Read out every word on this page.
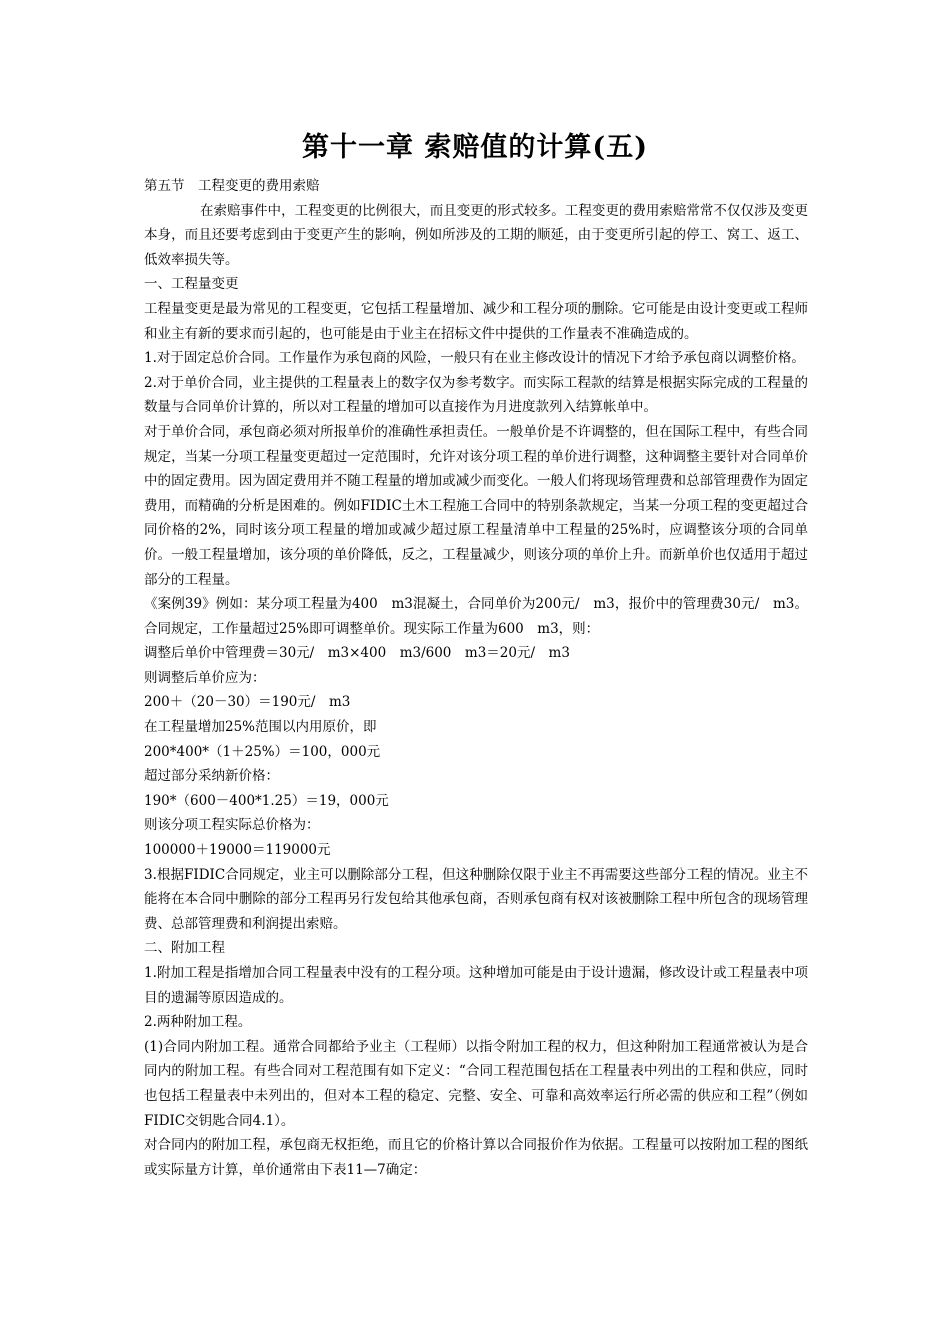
第十一章 索赔值的计算(五)

第五节　工程变更的费用索赔

在索赔事件中，工程变更的比例很大，而且变更的形式较多。工程变更的费用索赔常常不仅仅涉及变更本身，而且还要考虑到由于变更产生的影响，例如所涉及的工期的顺延，由于变更所引起的停工、窝工、返工、低效率损失等。

一、工程量变更

工程量变更是最为常见的工程变更，它包括工程量增加、减少和工程分项的删除。它可能是由设计变更或工程师和业主有新的要求而引起的，也可能是由于业主在招标文件中提供的工作量表不准确造成的。

1.对于固定总价合同。工作量作为承包商的风险，一般只有在业主修改设计的情况下才给予承包商以调整价格。

2.对于单价合同，业主提供的工程量表上的数字仅为参考数字。而实际工程款的结算是根据实际完成的工程量的数量与合同单价计算的，所以对工程量的增加可以直接作为月进度款列入结算帐单中。

对于单价合同，承包商必须对所报单价的准确性承担责任。一般单价是不许调整的，但在国际工程中，有些合同规定，当某一分项工程量变更超过一定范围时，允许对该分项工程的单价进行调整，这种调整主要针对合同单价中的固定费用。因为固定费用并不随工程量的增加或减少而变化。一般人们将现场管理费和总部管理费作为固定费用，而精确的分析是困难的。例如FIDIC土木工程施工合同中的特别条款规定，当某一分项工程的变更超过合同价格的2%，同时该分项工程量的增加或减少超过原工程量清单中工程量的25%时，应调整该分项的合同单价。一般工程量增加，该分项的单价降低，反之，工程量减少，则该分项的单价上升。而新单价也仅适用于超过部分的工程量。

《案例39》例如：某分项工程量为400　m3混凝土，合同单价为200元/　m3，报价中的管理费30元/　m3。合同规定，工作量超过25%即可调整单价。现实际工作量为600　m3，则：

调整后单价中管理费＝30元/　m3×400　m3/600　m3＝20元/　m3

则调整后单价应为：

200＋（20－30）＝190元/　m3

在工程量增加25%范围以内用原价，即

200*400*（1＋25%）＝100，000元

超过部分采纳新价格：

190*（600－400*1.25）＝19，000元

则该分项工程实际总价格为：

100000＋19000＝119000元

3.根据FIDIC合同规定，业主可以删除部分工程，但这种删除仅限于业主不再需要这些部分工程的情况。业主不能将在本合同中删除的部分工程再另行发包给其他承包商，否则承包商有权对该被删除工程中所包含的现场管理费、总部管理费和利润提出索赔。

二、附加工程

1.附加工程是指增加合同工程量表中没有的工程分项。这种增加可能是由于设计遗漏，修改设计或工程量表中项目的遗漏等原因造成的。

2.两种附加工程。

(1)合同内附加工程。通常合同都给予业主（工程师）以指令附加工程的权力，但这种附加工程通常被认为是合同内的附加工程。有些合同对工程范围有如下定义：“合同工程范围包括在工程量表中列出的工程和供应，同时也包括工程量表中未列出的，但对本工程的稳定、完整、安全、可靠和高效率运行所必需的供应和工程”（例如FIDIC交钥匙合同4.1）。

对合同内的附加工程，承包商无权拒绝，而且它的价格计算以合同报价作为依据。工程量可以按附加工程的图纸或实际量方计算，单价通常由下表11—7确定：
